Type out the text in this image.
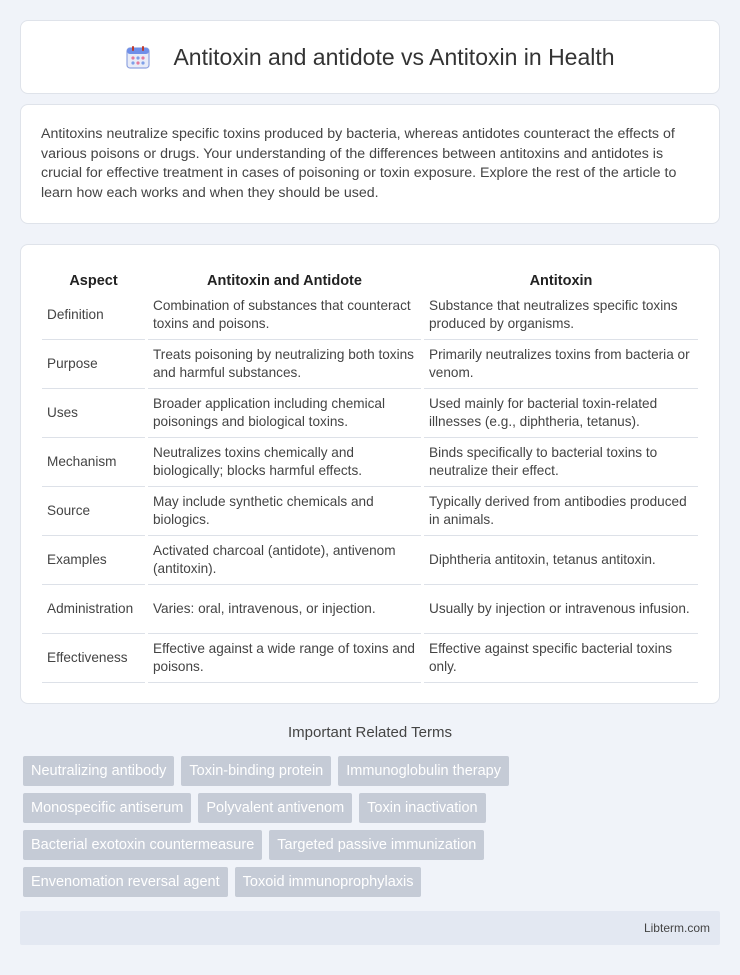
Antitoxin and antidote vs Antitoxin in Health

Antitoxins neutralize specific toxins produced by bacteria, whereas antidotes counteract the effects of various poisons or drugs. Your understanding of the differences between antitoxins and antidotes is crucial for effective treatment in cases of poisoning or toxin exposure. Explore the rest of the article to learn how each works and when they should be used.

Aspect	Antitoxin and Antidote	Antitoxin
Definition	Combination of substances that counteract toxins and poisons.	Substance that neutralizes specific toxins produced by organisms.
Purpose	Treats poisoning by neutralizing both toxins and harmful substances.	Primarily neutralizes toxins from bacteria or venom.
Uses	Broader application including chemical poisonings and biological toxins.	Used mainly for bacterial toxin-related illnesses (e.g., diphtheria, tetanus).
Mechanism	Neutralizes toxins chemically and biologically; blocks harmful effects.	Binds specifically to bacterial toxins to neutralize their effect.
Source	May include synthetic chemicals and biologics.	Typically derived from antibodies produced in animals.
Examples	Activated charcoal (antidote), antivenom (antitoxin).	Diphtheria antitoxin, tetanus antitoxin.
Administration	Varies: oral, intravenous, or injection.	Usually by injection or intravenous infusion.
Effectiveness	Effective against a wide range of toxins and poisons.	Effective against specific bacterial toxins only.
Important Related Terms
Neutralizing antibody	Toxin-binding protein	Immunoglobulin therapy
Monospecific antiserum	Polyvalent antivenom	Toxin inactivation
Bacterial exotoxin countermeasure	Targeted passive immunization
Envenomation reversal agent	Toxoid immunoprophylaxis
Libterm.com
